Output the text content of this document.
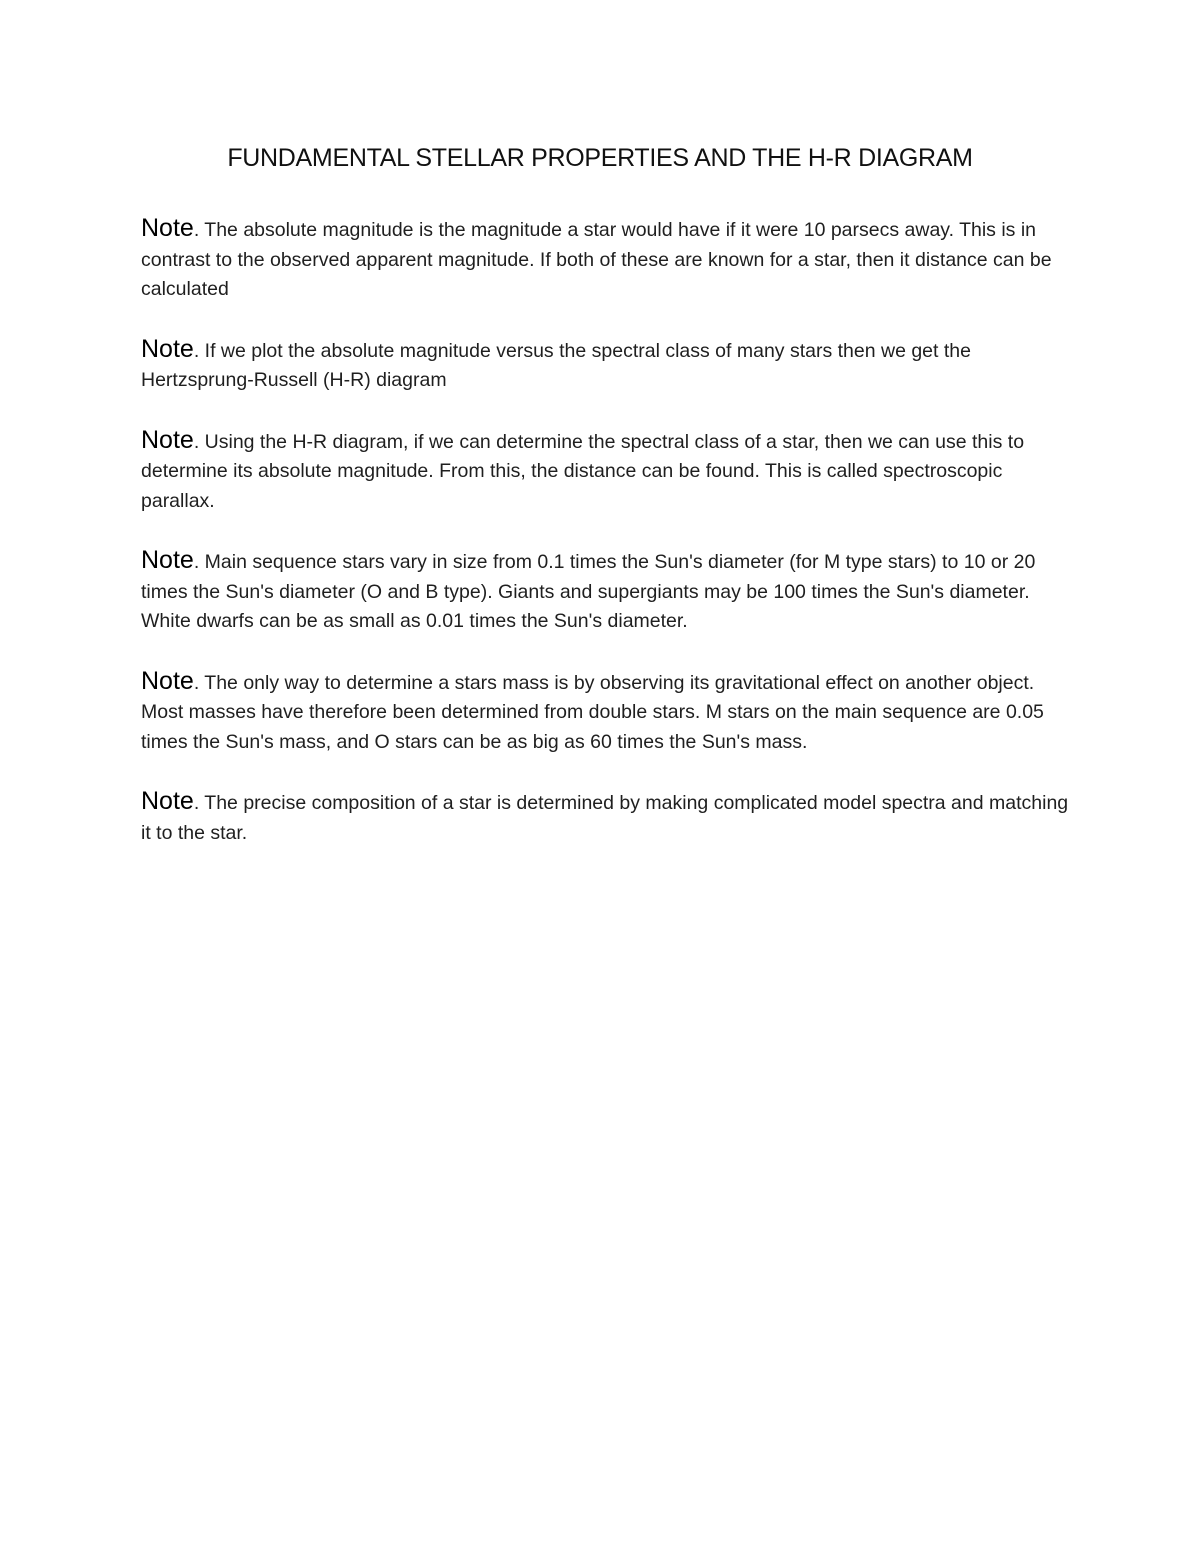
FUNDAMENTAL STELLAR PROPERTIES AND THE H-R DIAGRAM

Note. The absolute magnitude is the magnitude a star would have if it were 10 parsecs away. This is in contrast to the observed apparent magnitude. If both of these are known for a star, then it distance can be calculated

Note. If we plot the absolute magnitude versus the spectral class of many stars then we get the Hertzsprung-Russell (H-R) diagram

Note. Using the H-R diagram, if we can determine the spectral class of a star, then we can use this to determine its absolute magnitude. From this, the distance can be found. This is called spectroscopic parallax.

Note. Main sequence stars vary in size from 0.1 times the Sun's diameter (for M type stars) to 10 or 20 times the Sun's diameter (O and B type). Giants and supergiants may be 100 times the Sun's diameter. White dwarfs can be as small as 0.01 times the Sun's diameter.

Note. The only way to determine a stars mass is by observing its gravitational effect on another object. Most masses have therefore been determined from double stars. M stars on the main sequence are 0.05 times the Sun's mass, and O stars can be as big as 60 times the Sun's mass.

Note. The precise composition of a star is determined by making complicated model spectra and matching it to the star.
